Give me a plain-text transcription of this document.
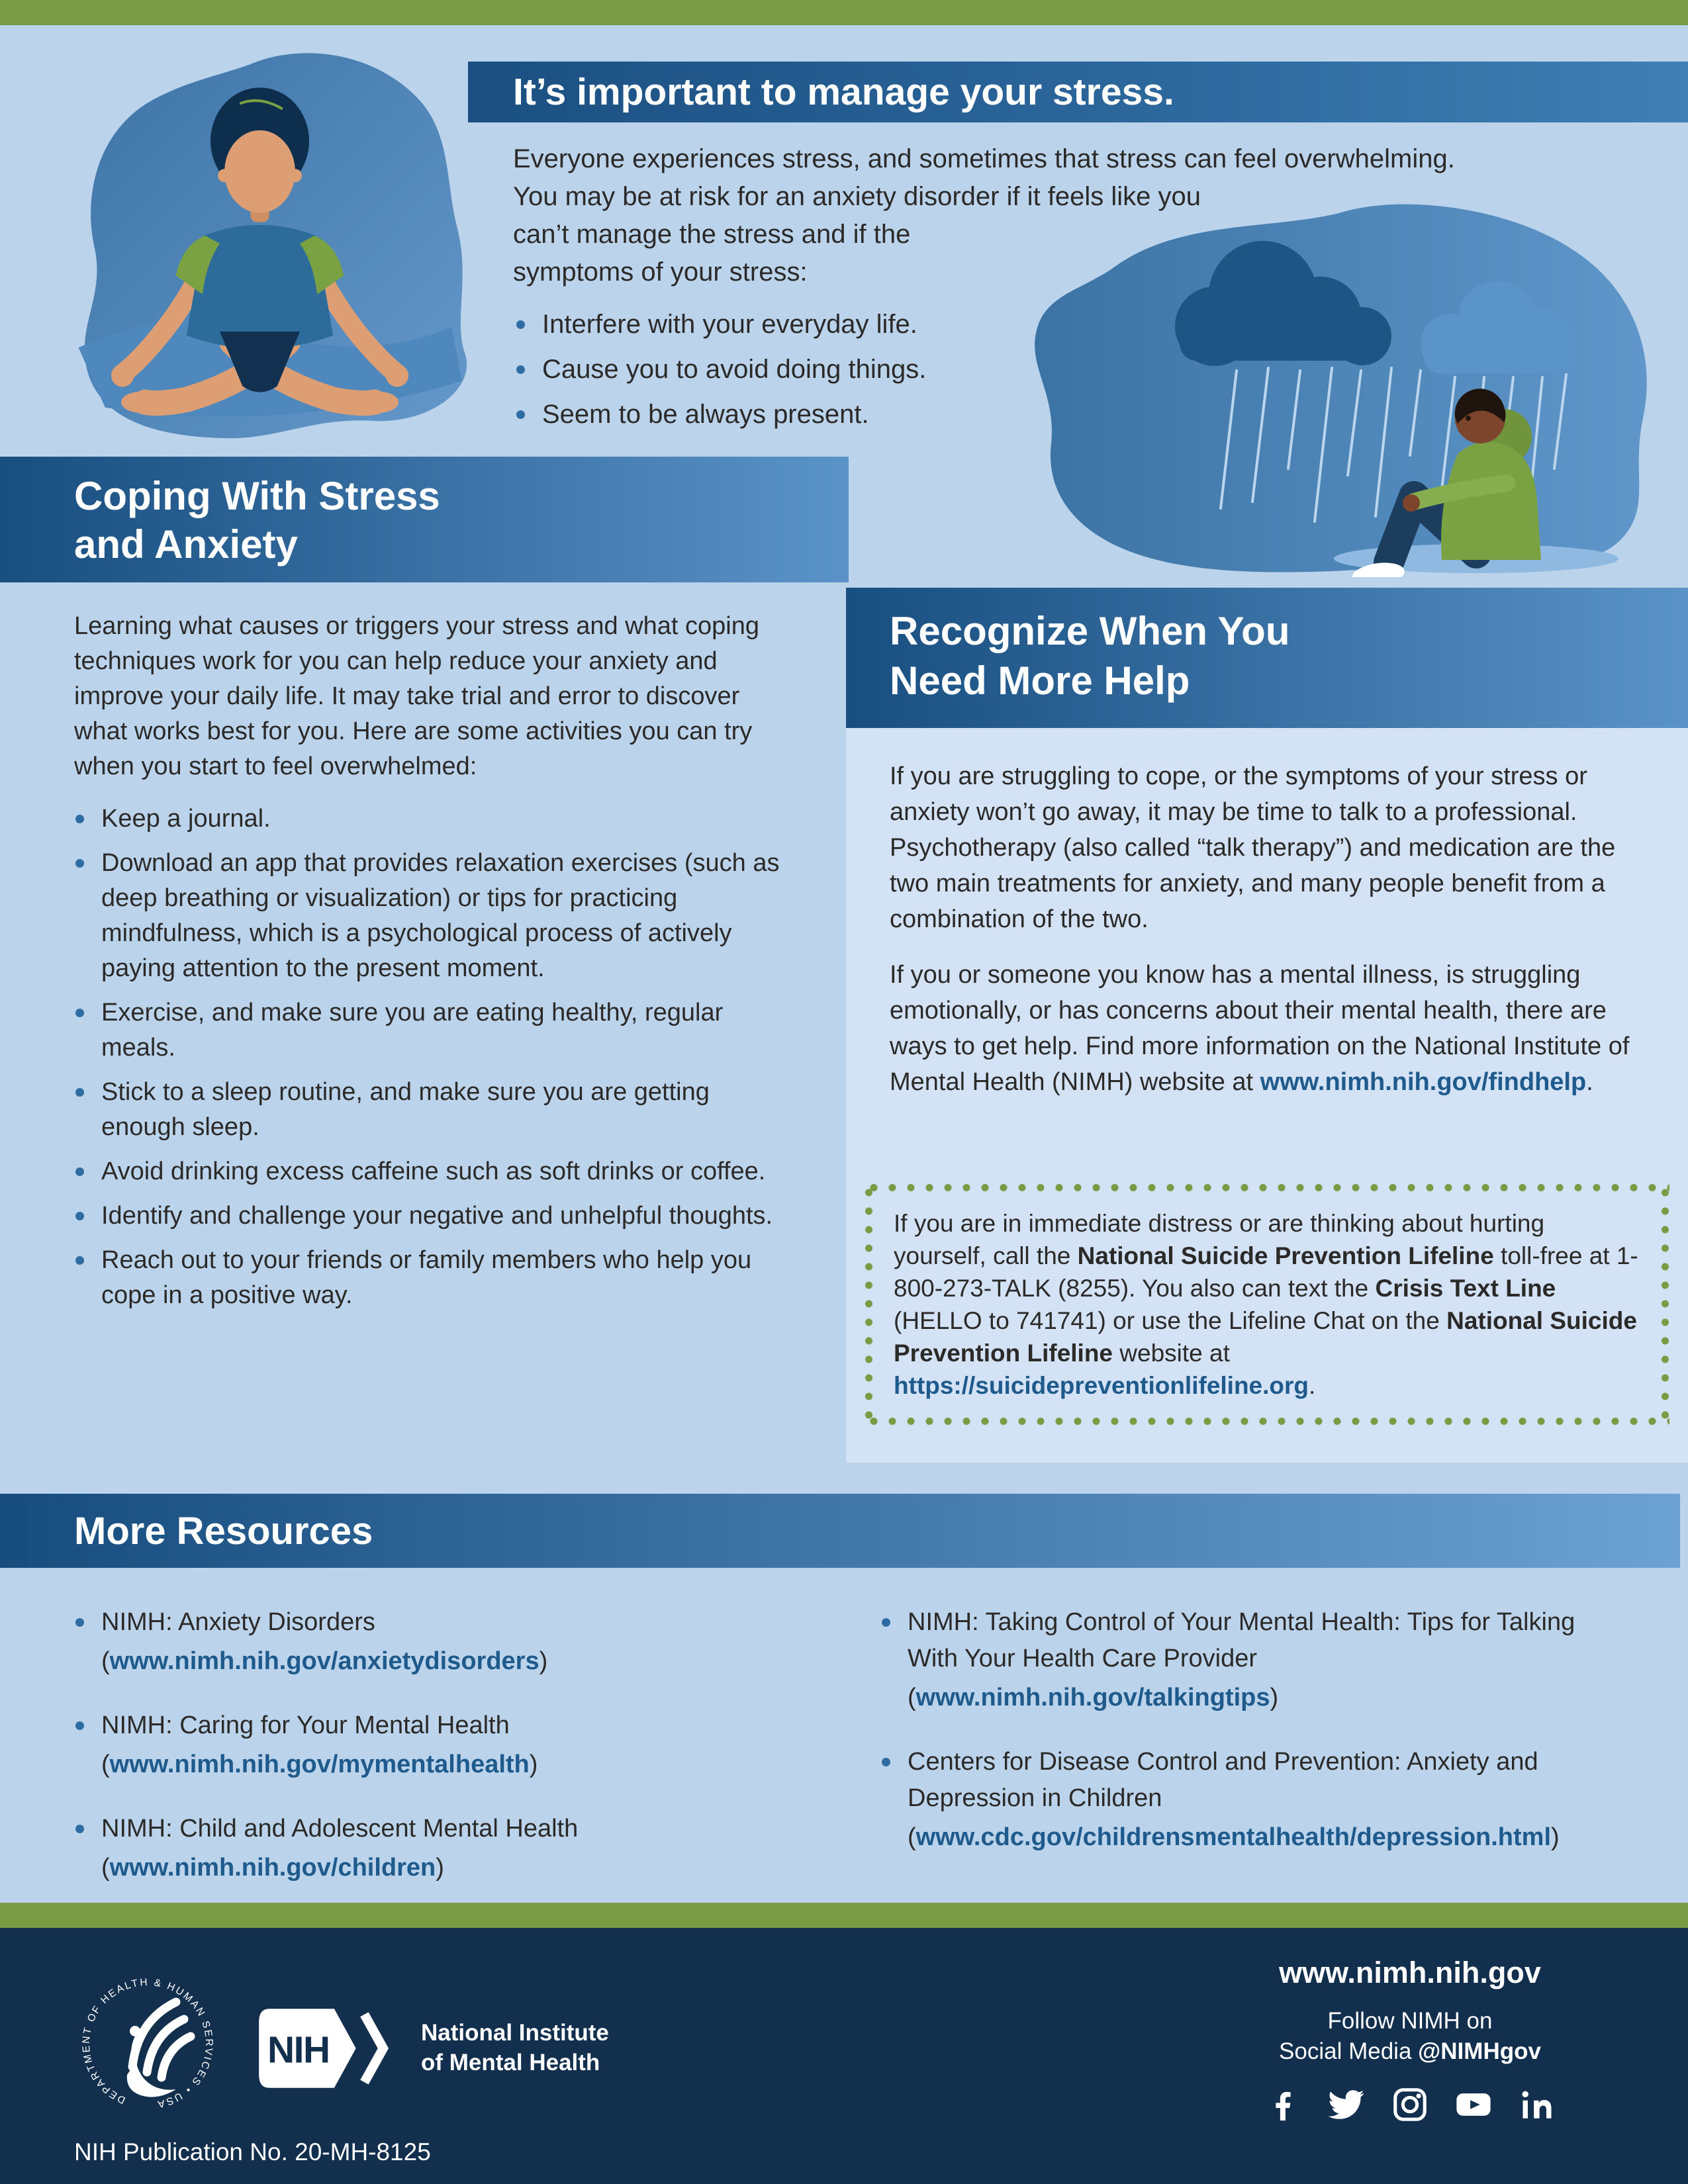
It’s important to manage your stress.
Everyone experiences stress, and sometimes that stress can feel overwhelming.
You may be at risk for an anxiety disorder if it feels like you
can’t manage the stress and if the
symptoms of your stress:
Interfere with your everyday life.
Cause you to avoid doing things.
Seem to be always present.
Coping With Stress
and Anxiety
Learning what causes or triggers your stress and what coping techniques work for you can help reduce your anxiety and improve your daily life. It may take trial and error to discover what works best for you. Here are some activities you can try when you start to feel overwhelmed:
Keep a journal.
Download an app that provides relaxation exercises (such as deep breathing or visualization) or tips for practicing mindfulness, which is a psychological process of actively paying attention to the present moment.
Exercise, and make sure you are eating healthy, regular meals.
Stick to a sleep routine, and make sure you are getting enough sleep.
Avoid drinking excess caffeine such as soft drinks or coffee.
Identify and challenge your negative and unhelpful thoughts.
Reach out to your friends or family members who help you cope in a positive way.
Recognize When You
Need More Help
If you are struggling to cope, or the symptoms of your stress or anxiety won’t go away, it may be time to talk to a professional. Psychotherapy (also called “talk therapy”) and medication are the two main treatments for anxiety, and many people benefit from a combination of the two.
If you or someone you know has a mental illness, is struggling emotionally, or has concerns about their mental health, there are ways to get help. Find more information on the National Institute of Mental Health (NIMH) website at www.nimh.nih.gov/findhelp.
If you are in immediate distress or are thinking about hurting yourself, call the National Suicide Prevention Lifeline toll-free at 1-800-273-TALK (8255). You also can text the Crisis Text Line (HELLO to 741741) or use the Lifeline Chat on the National Suicide Prevention Lifeline website at https://suicidepreventionlifeline.org.
More Resources
NIMH: Anxiety Disorders
(www.nimh.nih.gov/anxietydisorders)
NIMH: Caring for Your Mental Health
(www.nimh.nih.gov/mymentalhealth)
NIMH: Child and Adolescent Mental Health
(www.nimh.nih.gov/children)
NIMH: Taking Control of Your Mental Health: Tips for Talking With Your Health Care Provider
(www.nimh.nih.gov/talkingtips)
Centers for Disease Control and Prevention: Anxiety and Depression in Children
(www.cdc.gov/childrensmentalhealth/depression.html)
DEPARTMENT OF HEALTH & HUMAN SERVICES • USA
NIH	National Institute
of Mental Health
NIH Publication No. 20-MH-8125
www.nimh.nih.gov
Follow NIMH on
Social Media @NIMHgov
